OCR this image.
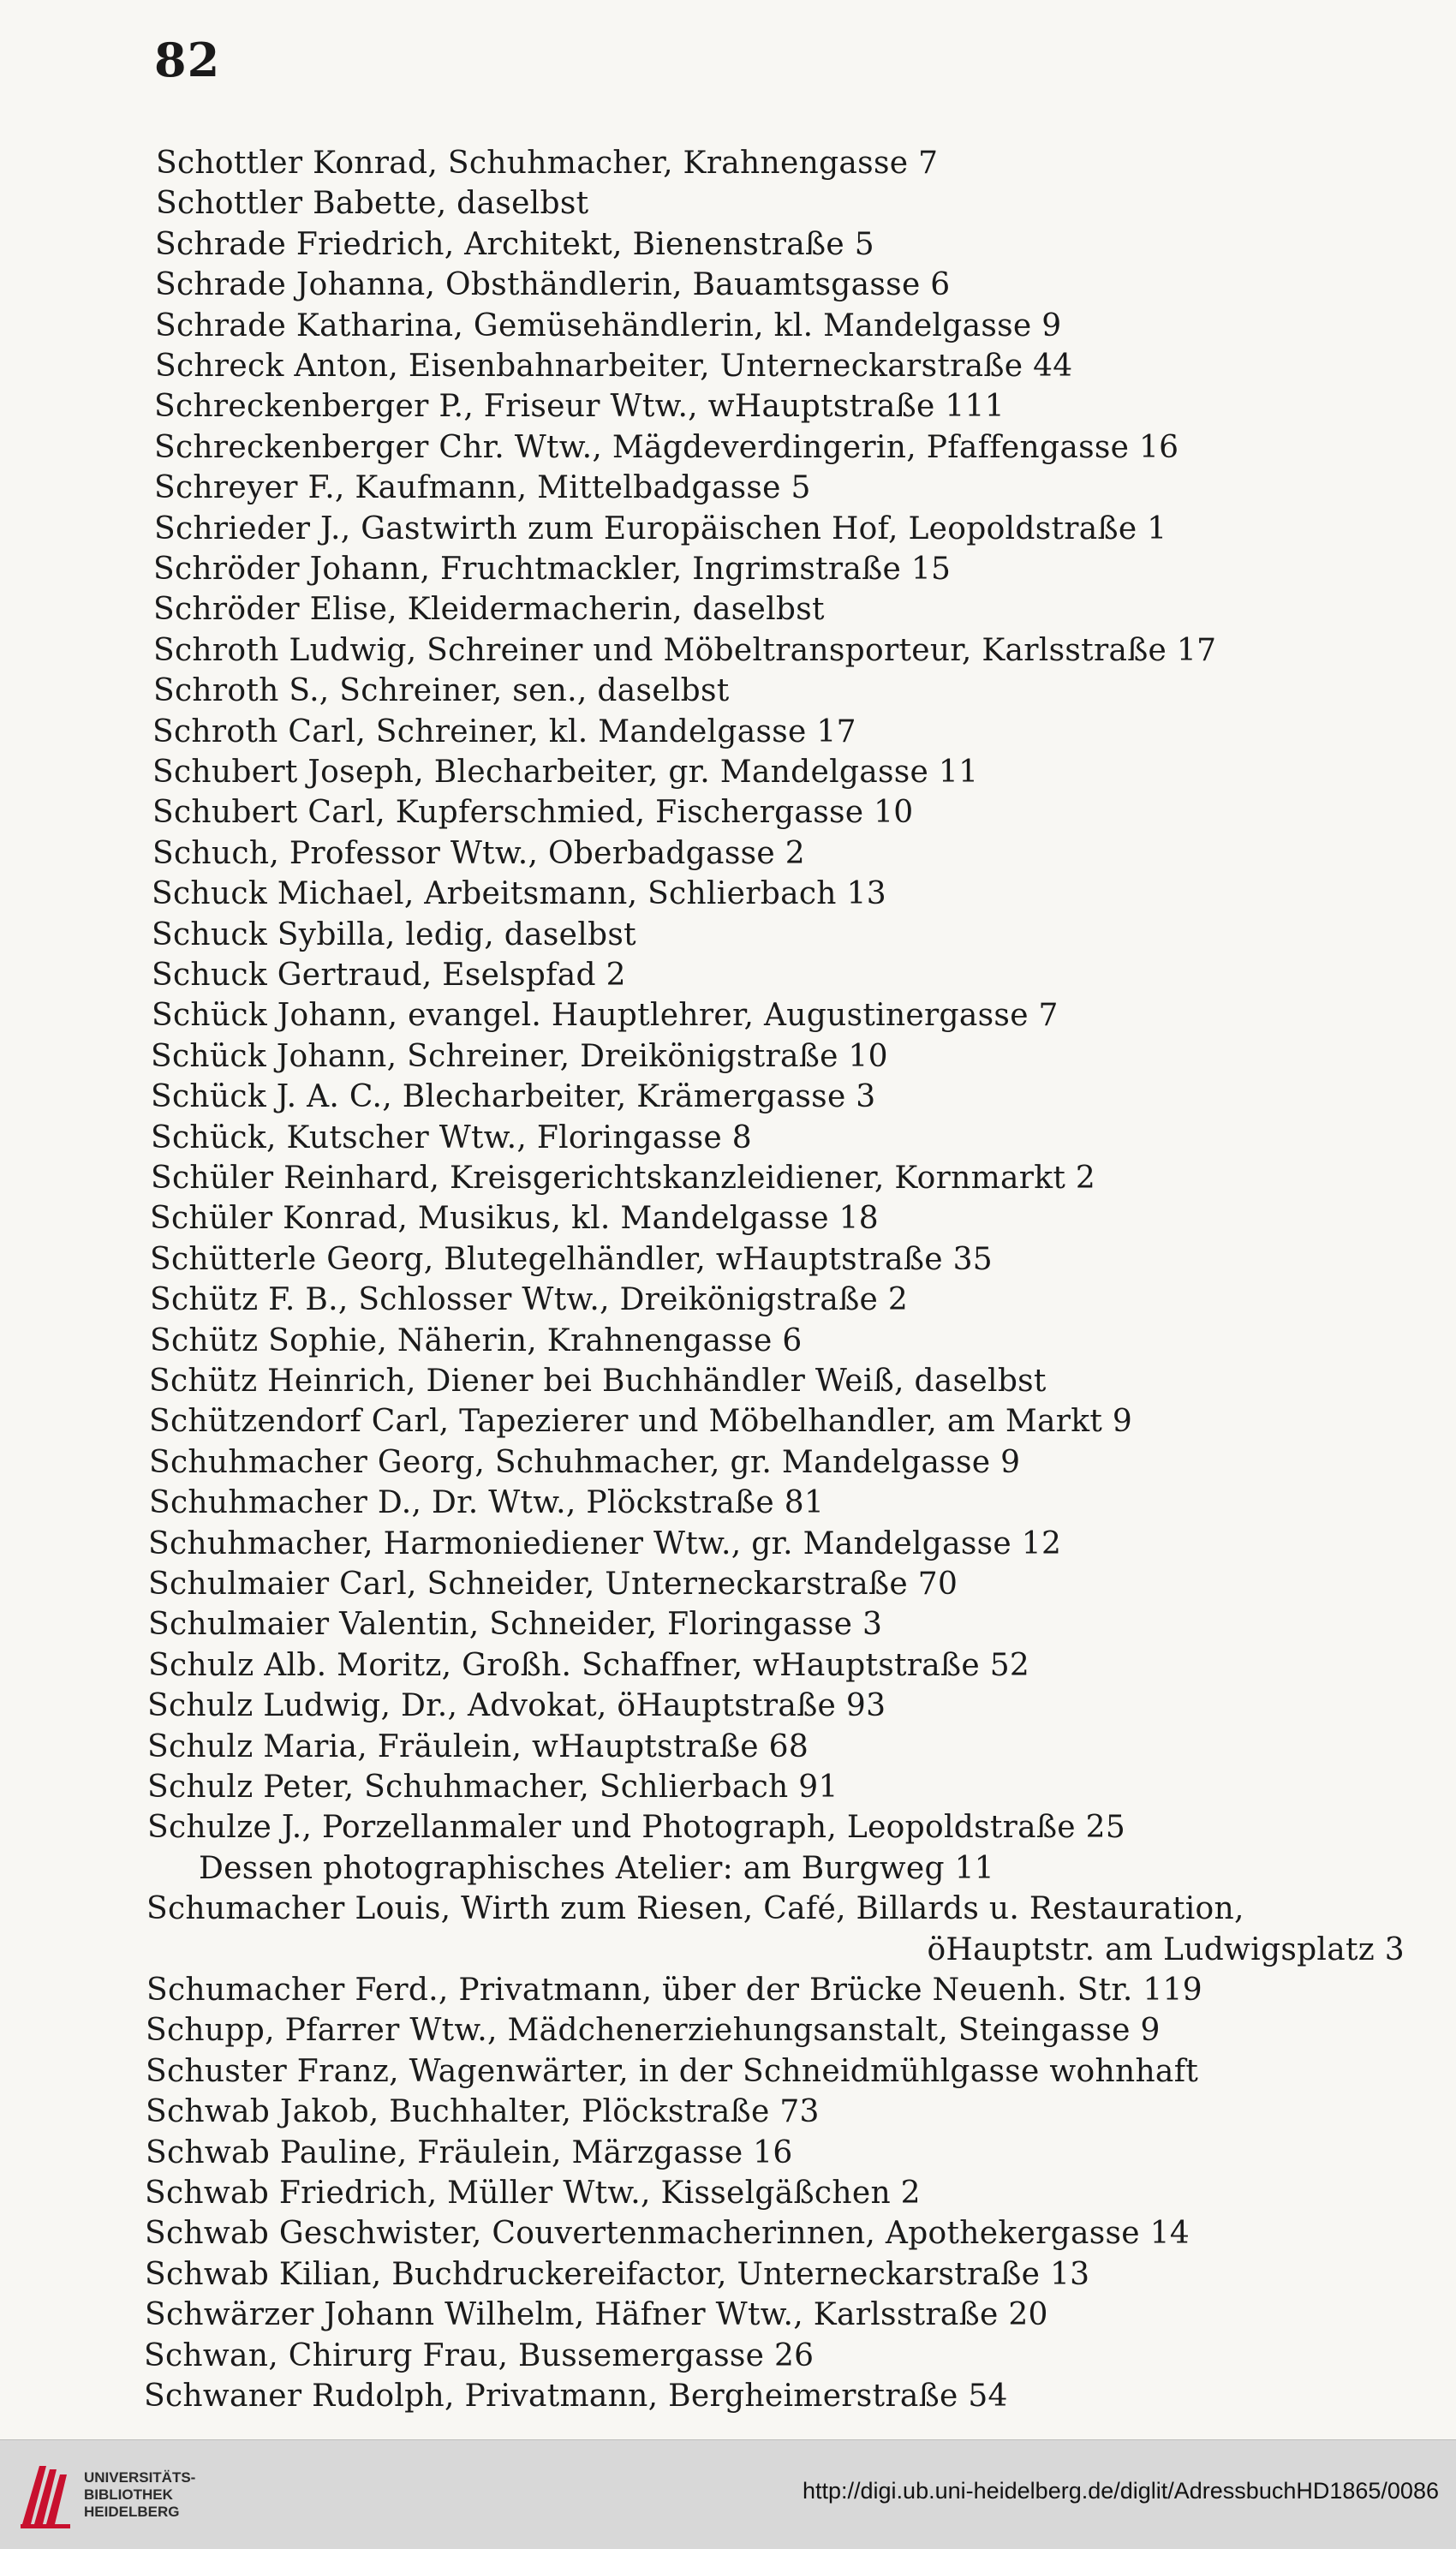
82
Schottler Konrad, Schuhmacher, Krahnengasse 7
Schottler Babette, daselbst
Schrade Friedrich, Architekt, Bienenstraße 5
Schrade Johanna, Obsthändlerin, Bauamtsgasse 6
Schrade Katharina, Gemüsehändlerin, kl. Mandelgasse 9
Schreck Anton, Eisenbahnarbeiter, Unterneckarstraße 44
Schreckenberger P., Friseur Wtw., wHauptstraße 111
Schreckenberger Chr. Wtw., Mägdeverdingerin, Pfaffengasse 16
Schreyer F., Kaufmann, Mittelbadgasse 5
Schrieder J., Gastwirth zum Europäischen Hof, Leopoldstraße 1
Schröder Johann, Fruchtmackler, Ingrimstraße 15
Schröder Elise, Kleidermacherin, daselbst
Schroth Ludwig, Schreiner und Möbeltransporteur, Karlsstraße 17
Schroth S., Schreiner, sen., daselbst
Schroth Carl, Schreiner, kl. Mandelgasse 17
Schubert Joseph, Blecharbeiter, gr. Mandelgasse 11
Schubert Carl, Kupferschmied, Fischergasse 10
Schuch, Professor Wtw., Oberbadgasse 2
Schuck Michael, Arbeitsmann, Schlierbach 13
Schuck Sybilla, ledig, daselbst
Schuck Gertraud, Eselspfad 2
Schück Johann, evangel. Hauptlehrer, Augustinergasse 7
Schück Johann, Schreiner, Dreikönigstraße 10
Schück J. A. C., Blecharbeiter, Krämergasse 3
Schück, Kutscher Wtw., Floringasse 8
Schüler Reinhard, Kreisgerichtskanzleidiener, Kornmarkt 2
Schüler Konrad, Musikus, kl. Mandelgasse 18
Schütterle Georg, Blutegelhändler, wHauptstraße 35
Schütz F. B., Schlosser Wtw., Dreikönigstraße 2
Schütz Sophie, Näherin, Krahnengasse 6
Schütz Heinrich, Diener bei Buchhändler Weiß, daselbst
Schützendorf Carl, Tapezierer und Möbelhandler, am Markt 9
Schuhmacher Georg, Schuhmacher, gr. Mandelgasse 9
Schuhmacher D., Dr. Wtw., Plöckstraße 81
Schuhmacher, Harmoniediener Wtw., gr. Mandelgasse 12
Schulmaier Carl, Schneider, Unterneckarstraße 70
Schulmaier Valentin, Schneider, Floringasse 3
Schulz Alb. Moritz, Großh. Schaffner, wHauptstraße 52
Schulz Ludwig, Dr., Advokat, öHauptstraße 93
Schulz Maria, Fräulein, wHauptstraße 68
Schulz Peter, Schuhmacher, Schlierbach 91
Schulze J., Porzellanmaler und Photograph, Leopoldstraße 25
Dessen photographisches Atelier: am Burgweg 11
Schumacher Louis, Wirth zum Riesen, Café, Billards u. Restauration,
öHauptstr. am Ludwigsplatz 3
Schumacher Ferd., Privatmann, über der Brücke Neuenh. Str. 119
Schupp, Pfarrer Wtw., Mädchenerziehungsanstalt, Steingasse 9
Schuster Franz, Wagenwärter, in der Schneidmühlgasse wohnhaft
Schwab Jakob, Buchhalter, Plöckstraße 73
Schwab Pauline, Fräulein, Märzgasse 16
Schwab Friedrich, Müller Wtw., Kisselgäßchen 2
Schwab Geschwister, Couvertenmacherinnen, Apothekergasse 14
Schwab Kilian, Buchdruckereifactor, Unterneckarstraße 13
Schwärzer Johann Wilhelm, Häfner Wtw., Karlsstraße 20
Schwan, Chirurg Frau, Bussemergasse 26
Schwaner Rudolph, Privatmann, Bergheimerstraße 54
UNIVERSITÄTS-
BIBLIOTHEK
HEIDELBERG
http://digi.ub.uni-heidelberg.de/diglit/AdressbuchHD1865/0086
